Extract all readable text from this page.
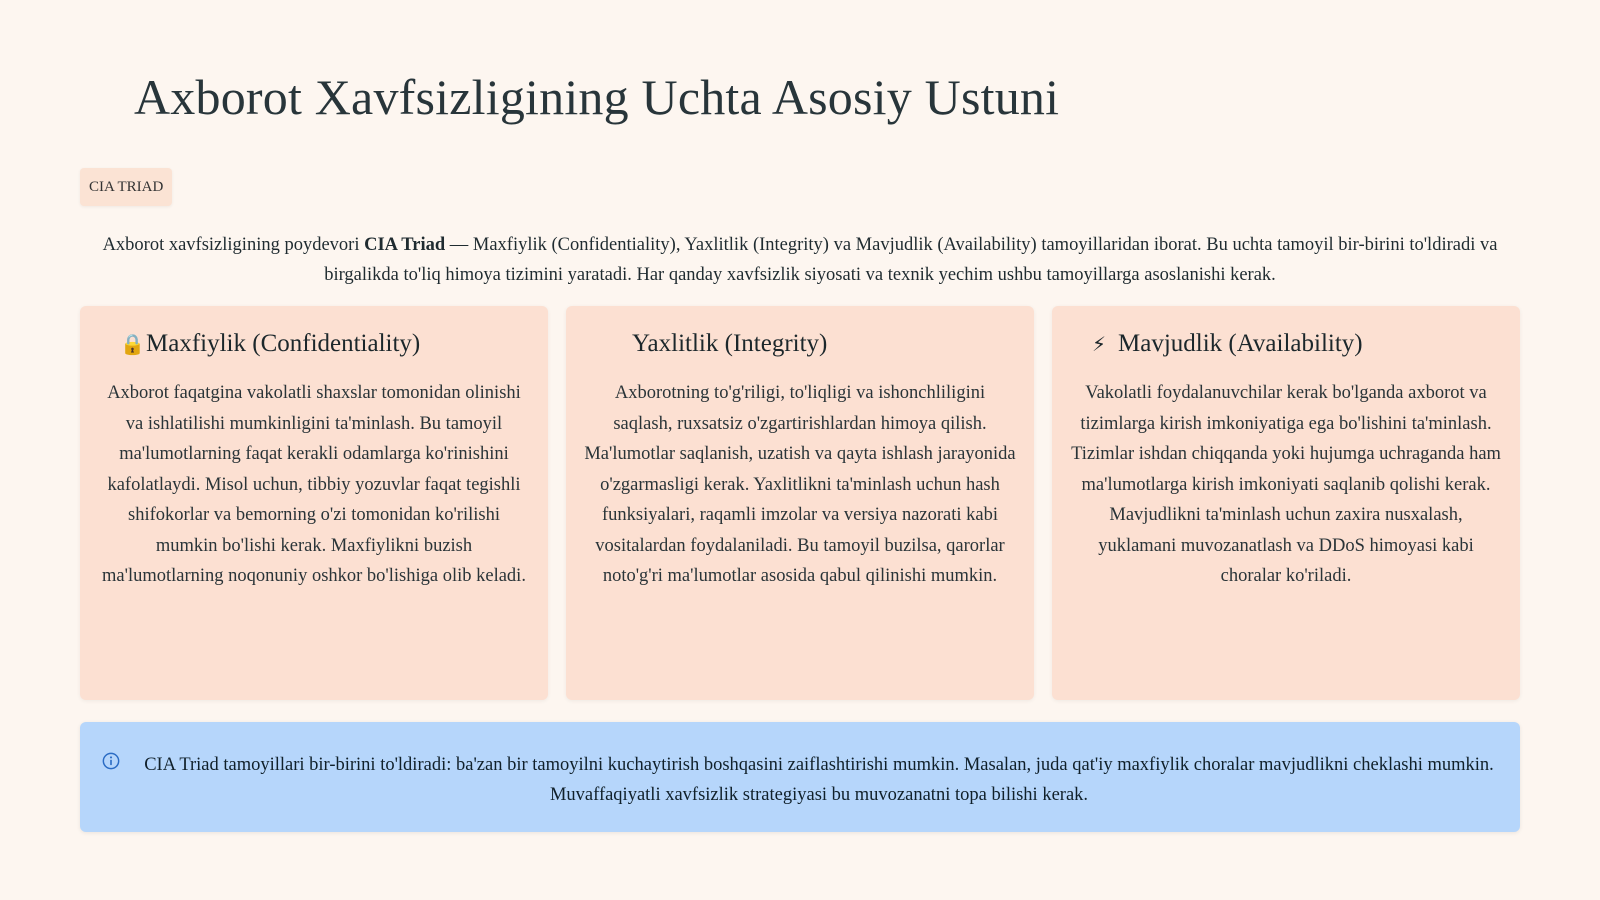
Axborot Xavfsizligining Uchta Asosiy Ustuni
CIA TRIAD

Axborot xavfsizligining poydevori CIA Triad — Maxfiylik (Confidentiality), Yaxlitlik (Integrity) va Mavjudlik (Availability) tamoyillaridan iborat. Bu uchta tamoyil bir-birini to'ldiradi va birgalikda to'liq himoya tizimini yaratadi. Har qanday xavfsizlik siyosati va texnik yechim ushbu tamoyillarga asoslanishi kerak.

🔒 Maxfiylik (Confidentiality)

Axborot faqatgina vakolatli shaxslar tomonidan olinishi va ishlatilishi mumkinligini ta'minlash. Bu tamoyil ma'lumotlarning faqat kerakli odamlarga ko'rinishini kafolatlaydi. Misol uchun, tibbiy yozuvlar faqat tegishli shifokorlar va bemorning o'zi tomonidan ko'rilishi mumkin bo'lishi kerak. Maxfiylikni buzish ma'lumotlarning noqonuniy oshkor bo'lishiga olib keladi.

Yaxlitlik (Integrity)

Axborotning to'g'riligi, to'liqligi va ishonchliligini saqlash, ruxsatsiz o'zgartirishlardan himoya qilish. Ma'lumotlar saqlanish, uzatish va qayta ishlash jarayonida o'zgarmasligi kerak. Yaxlitlikni ta'minlash uchun hash funksiyalari, raqamli imzolar va versiya nazorati kabi vositalardan foydalaniladi. Bu tamoyil buzilsa, qarorlar noto'g'ri ma'lumotlar asosida qabul qilinishi mumkin.

⚡ Mavjudlik (Availability)

Vakolatli foydalanuvchilar kerak bo'lganda axborot va tizimlarga kirish imkoniyatiga ega bo'lishini ta'minlash. Tizimlar ishdan chiqqanda yoki hujumga uchraganda ham ma'lumotlarga kirish imkoniyati saqlanib qolishi kerak. Mavjudlikni ta'minlash uchun zaxira nusxalash, yuklamani muvozanatlash va DDoS himoyasi kabi choralar ko'riladi.

CIA Triad tamoyillari bir-birini to'ldiradi: ba'zan bir tamoyilni kuchaytirish boshqasini zaiflashtirishi mumkin. Masalan, juda qat'iy maxfiylik choralar mavjudlikni cheklashi mumkin. Muvaffaqiyatli xavfsizlik strategiyasi bu muvozanatni topa bilishi kerak.
